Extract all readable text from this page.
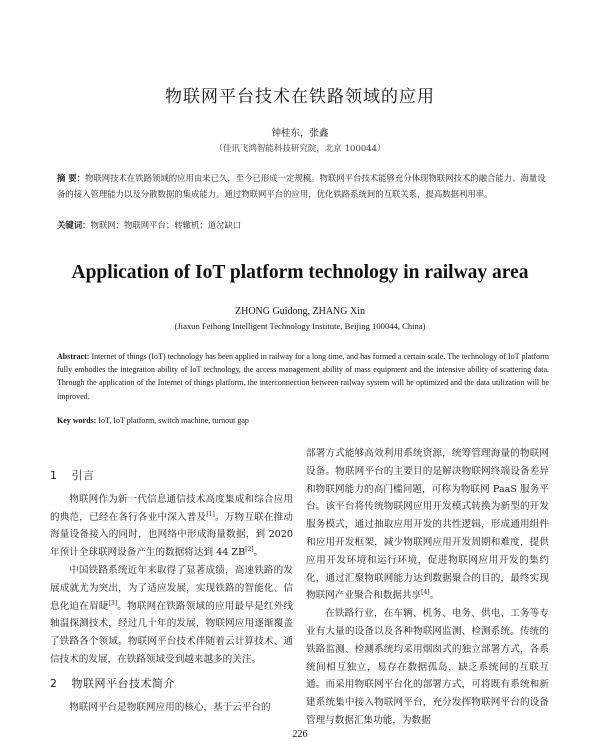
物联网平台技术在铁路领域的应用
钟桂东，张鑫
（佳讯飞鸿智能科技研究院，北京 100044）
摘 要：物联网技术在铁路领域的应用由来已久，至今已形成一定规模。物联网平台技术能够充分体现物联网技术的融合能力、海量设备的接入管理能力以及分散数据的集成能力。通过物联网平台的应用，优化铁路系统间的互联关系，提高数据利用率。
关键词：物联网；物联网平台；转辙机；道岔缺口
Application of IoT platform technology in railway area
ZHONG Guidong, ZHANG Xin
(Jiaxun Feihong Intelligent Technology Institute, Beijing 100044, China)
Abstract: Internet of things (IoT) technology has been applied in railway for a long time, and has formed a certain scale. The technology of IoT platform fully embodies the integration ability of IoT technology, the access management ability of mass equipment and the intensive ability of scattering data. Through the application of the Internet of things platform, the interconnection between railway system will be optimized and the data utilization will be improved.
Key words: IoT, IoT platform, switch machine, turnout gap
1 引言

物联网作为新一代信息通信技术高度集成和综合应用的典范，已经在各行各业中深入普及[1]。万物互联在推动海量设备接入的同时，也网络中形成海量数据，到 2020 年预计全球联网设备产生的数据将达到 44 ZB[2]。

中国铁路系统近年来取得了显著成绩，高速铁路的发展成就尤为突出，为了适应发展，实现铁路的智能化、信息化迫在眉睫[3]。物联网在铁路领域的应用最早是红外线轴温探测技术，经过几十年的发展，物联网应用逐渐覆盖了铁路各个领域。物联网平台技术伴随着云计算技术、通信技术的发展，在铁路领域受到越来越多的关注。

2 物联网平台技术简介

物联网平台是物联网应用的核心，基于云平台的

部署方式能够高效利用系统资源，统筹管理海量的物联网设备。物联网平台的主要目的是解决物联网终端设备差异和物联网能力的高门槛问题，可称为物联网 PaaS 服务平台。该平台将传统物联网应用开发模式转换为新型的开发服务模式，通过抽取应用开发的共性逻辑，形成通用组件和应用开发框架，减少物联网应用开发周期和难度，提供应用开发环境和运行环境，促进物联网应用开发的集约化，通过汇聚物联网能力达到数据聚合的目的，最终实现物联网产业聚合和数据共享[4]。

在铁路行业，在车辆、机务、电务、供电、工务等专业有大量的设备以及各种物联网监测、检测系统。传统的铁路监测、检测系统均采用烟囱式的独立部署方式，各系统间相互独立，易存在数据孤岛，缺乏系统间的互联互通。而采用物联网平台化的部署方式，可将既有系统和新建系统集中接入物联网平台，充分发挥物联网平台的设备管理与数据汇集功能，为数据

226
